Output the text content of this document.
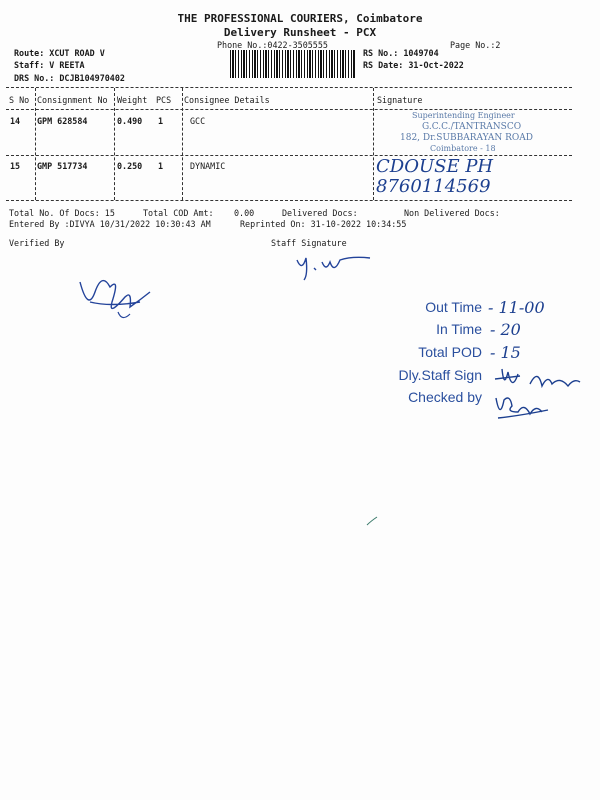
THE PROFESSIONAL COURIERS, Coimbatore
Delivery Runsheet - PCX
Phone No.:0422-3505555	Page No.:2
Route: XCUT ROAD V
Staff: V REETA
DRS No.: DCJB104970402
RS No.: 1049704
RS Date: 31-Oct-2022
S No Consignment No Weight PCS Consignee Details	Signature
14 GPM 628584	0.490 1	GCC
Superintending Engineer
G.C.C./TANTRANSCO
182, Dr.SUBBARAYAN ROAD
Coimbatore - 18
15 GMP 517734	0.250 1	DYNAMIC	CDOUSE PH
8760114569
Total No. Of Docs: 15	Total COD Amt: 0.00	Delivered Docs:	Non Delivered Docs:
Entered By :DIVYA 10/31/2022 10:30:43 AM	Reprinted On: 31-10-2022 10:34:55
Verified By	Staff Signature
Out Time - 11-00
In Time - 20
Total POD - 15
Dly.Staff Sign
Checked by
